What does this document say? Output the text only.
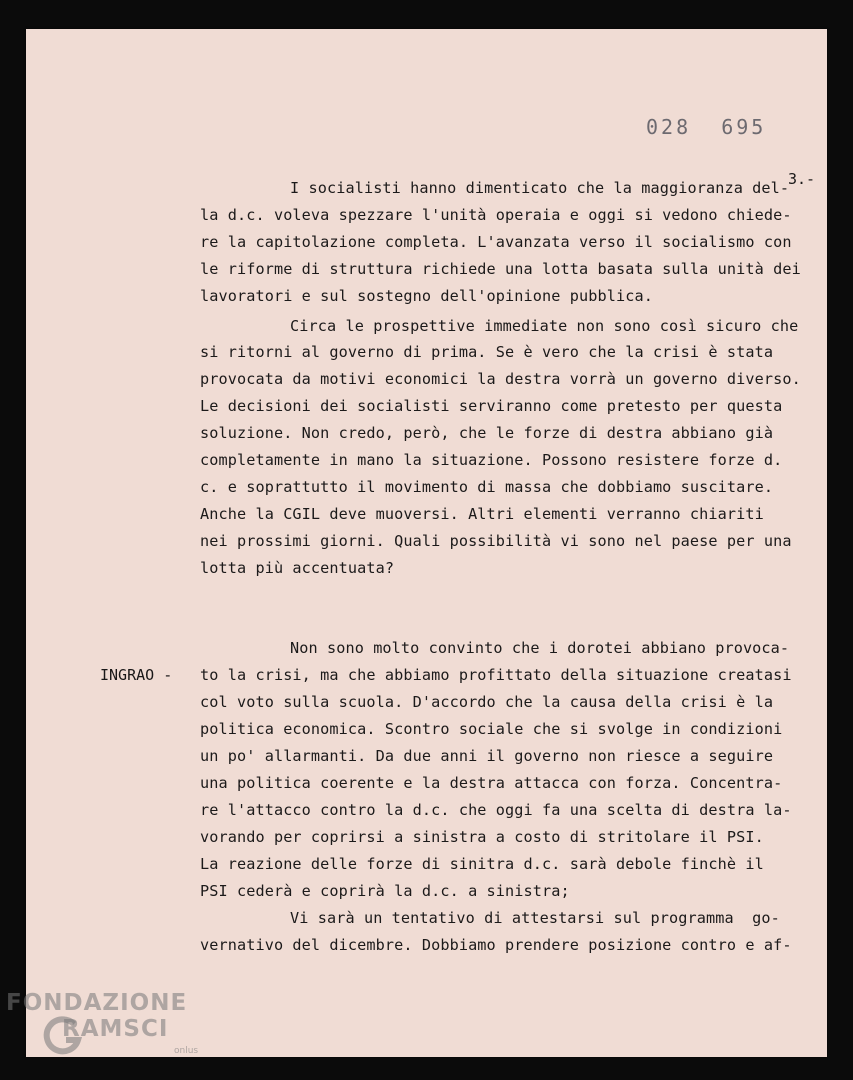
028  695
3.-
INGRAO -
I socialisti hanno dimenticato che la maggioranza del-
la d.c. voleva spezzare l'unità operaia e oggi si vedono chiede-
re la capitolazione completa. L'avanzata verso il socialismo con
le riforme di struttura richiede una lotta basata sulla unità dei
lavoratori e sul sostegno dell'opinione pubblica.
Circa le prospettive immediate non sono così sicuro che
si ritorni al governo di prima. Se è vero che la crisi è stata
provocata da motivi economici la destra vorrà un governo diverso.
Le decisioni dei socialisti serviranno come pretesto per questa
soluzione. Non credo, però, che le forze di destra abbiano già
completamente in mano la situazione. Possono resistere forze d.
c. e soprattutto il movimento di massa che dobbiamo suscitare.
Anche la CGIL deve muoversi. Altri elementi verranno chiariti
nei prossimi giorni. Quali possibilità vi sono nel paese per una
lotta più accentuata?
Non sono molto convinto che i dorotei abbiano provoca-
to la crisi, ma che abbiamo profittato della situazione creatasi
col voto sulla scuola. D'accordo che la causa della crisi è la
politica economica. Scontro sociale che si svolge in condizioni
un po' allarmanti. Da due anni il governo non riesce a seguire
una politica coerente e la destra attacca con forza. Concentra-
re l'attacco contro la d.c. che oggi fa una scelta di destra la-
vorando per coprirsi a sinistra a costo di stritolare il PSI.
La reazione delle forze di sinitra d.c. sarà debole finchè il
PSI cederà e coprirà la d.c. a sinistra;
Vi sarà un tentativo di attestarsi sul programma  go-
vernativo del dicembre. Dobbiamo prendere posizione contro e af-
FONDAZIONE
RAMSCI
onlus
